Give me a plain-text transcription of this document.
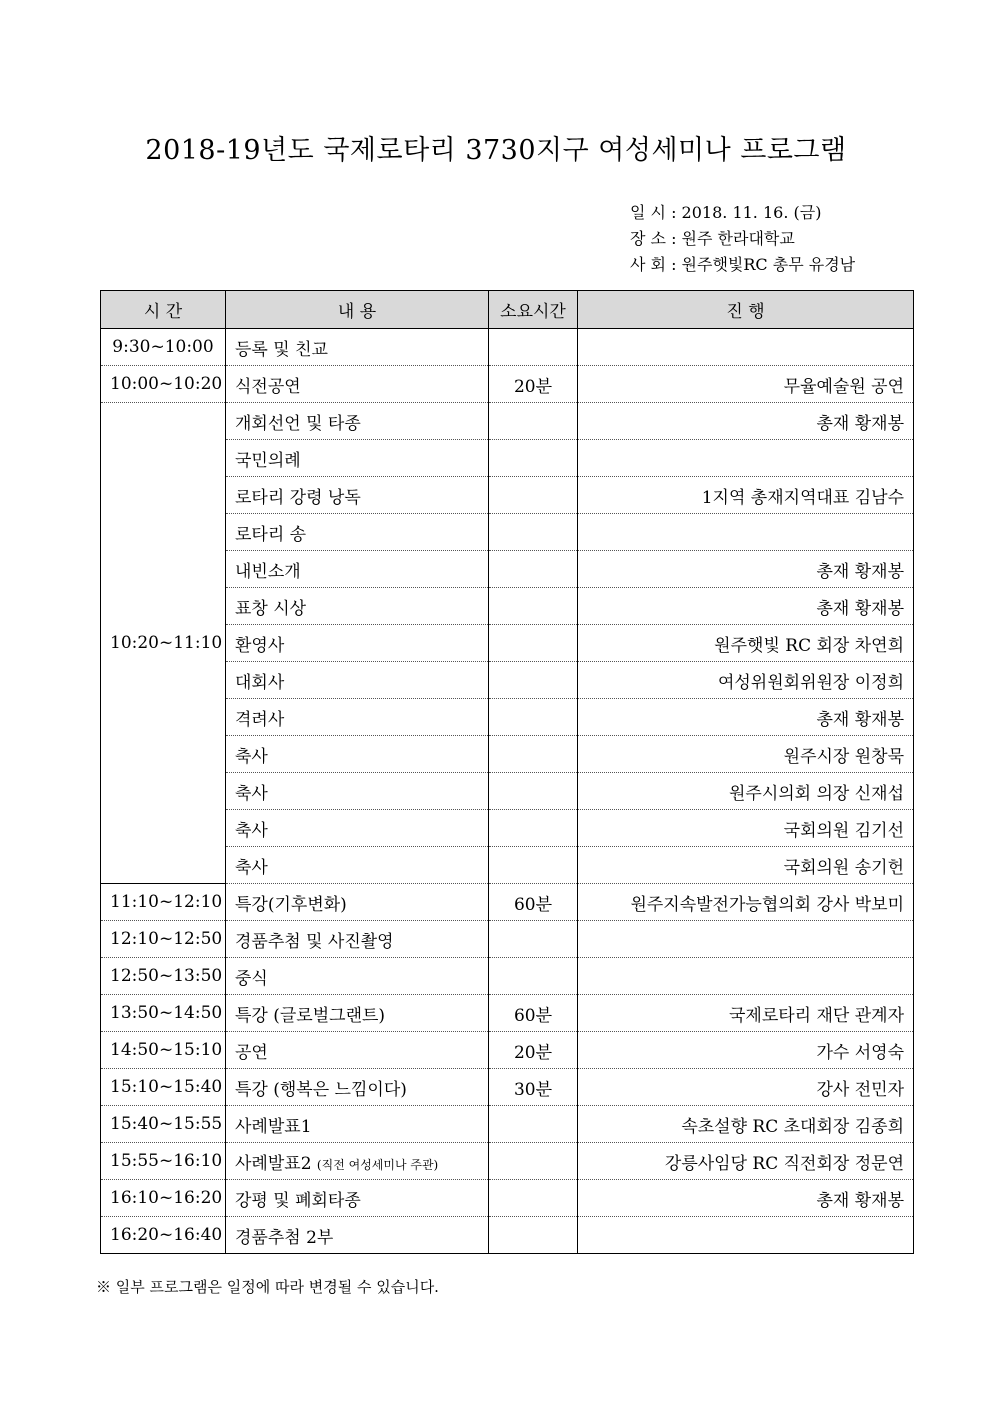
2018-19년도 국제로타리 3730지구 여성세미나 프로그램
일 시 : 2018. 11. 16. (금)
장 소 : 원주 한라대학교
사 회 : 원주햇빛RC 총무 유경남
시 간	내 용	소요시간	진 행
9:30~10:00	등록 및 친교		
10:00~10:20	식전공연	20분	무율예술원 공연
10:20~11:10	개회선언 및 타종		총재 황재봉
	국민의례		
	로타리 강령 낭독		1지역 총재지역대표 김남수
	로타리 송		
	내빈소개		총재 황재봉
	표창 시상		총재 황재봉
	환영사		원주햇빛 RC 회장 차연희
	대회사		여성위원회위원장 이정희
	격려사		총재 황재봉
	축사		원주시장 원창묵
	축사		원주시의회 의장 신재섭
	축사		국회의원 김기선
	축사		국회의원 송기헌
11:10~12:10	특강(기후변화)	60분	원주지속발전가능협의회 강사 박보미
12:10~12:50	경품추첨 및 사진촬영		
12:50~13:50	중식		
13:50~14:50	특강 (글로벌그랜트)	60분	국제로타리 재단 관계자
14:50~15:10	공연	20분	가수 서영숙
15:10~15:40	특강 (행복은 느낌이다)	30분	강사 전민자
15:40~15:55	사례발표1		속초설향 RC 초대회장 김종희
15:55~16:10	사례발표2 (직전 여성세미나 주관)		강릉사임당 RC 직전회장 정문연
16:10~16:20	강평 및 폐회타종		총재 황재봉
16:20~16:40	경품추첨 2부		
※ 일부 프로그램은 일정에 따라 변경될 수 있습니다.
